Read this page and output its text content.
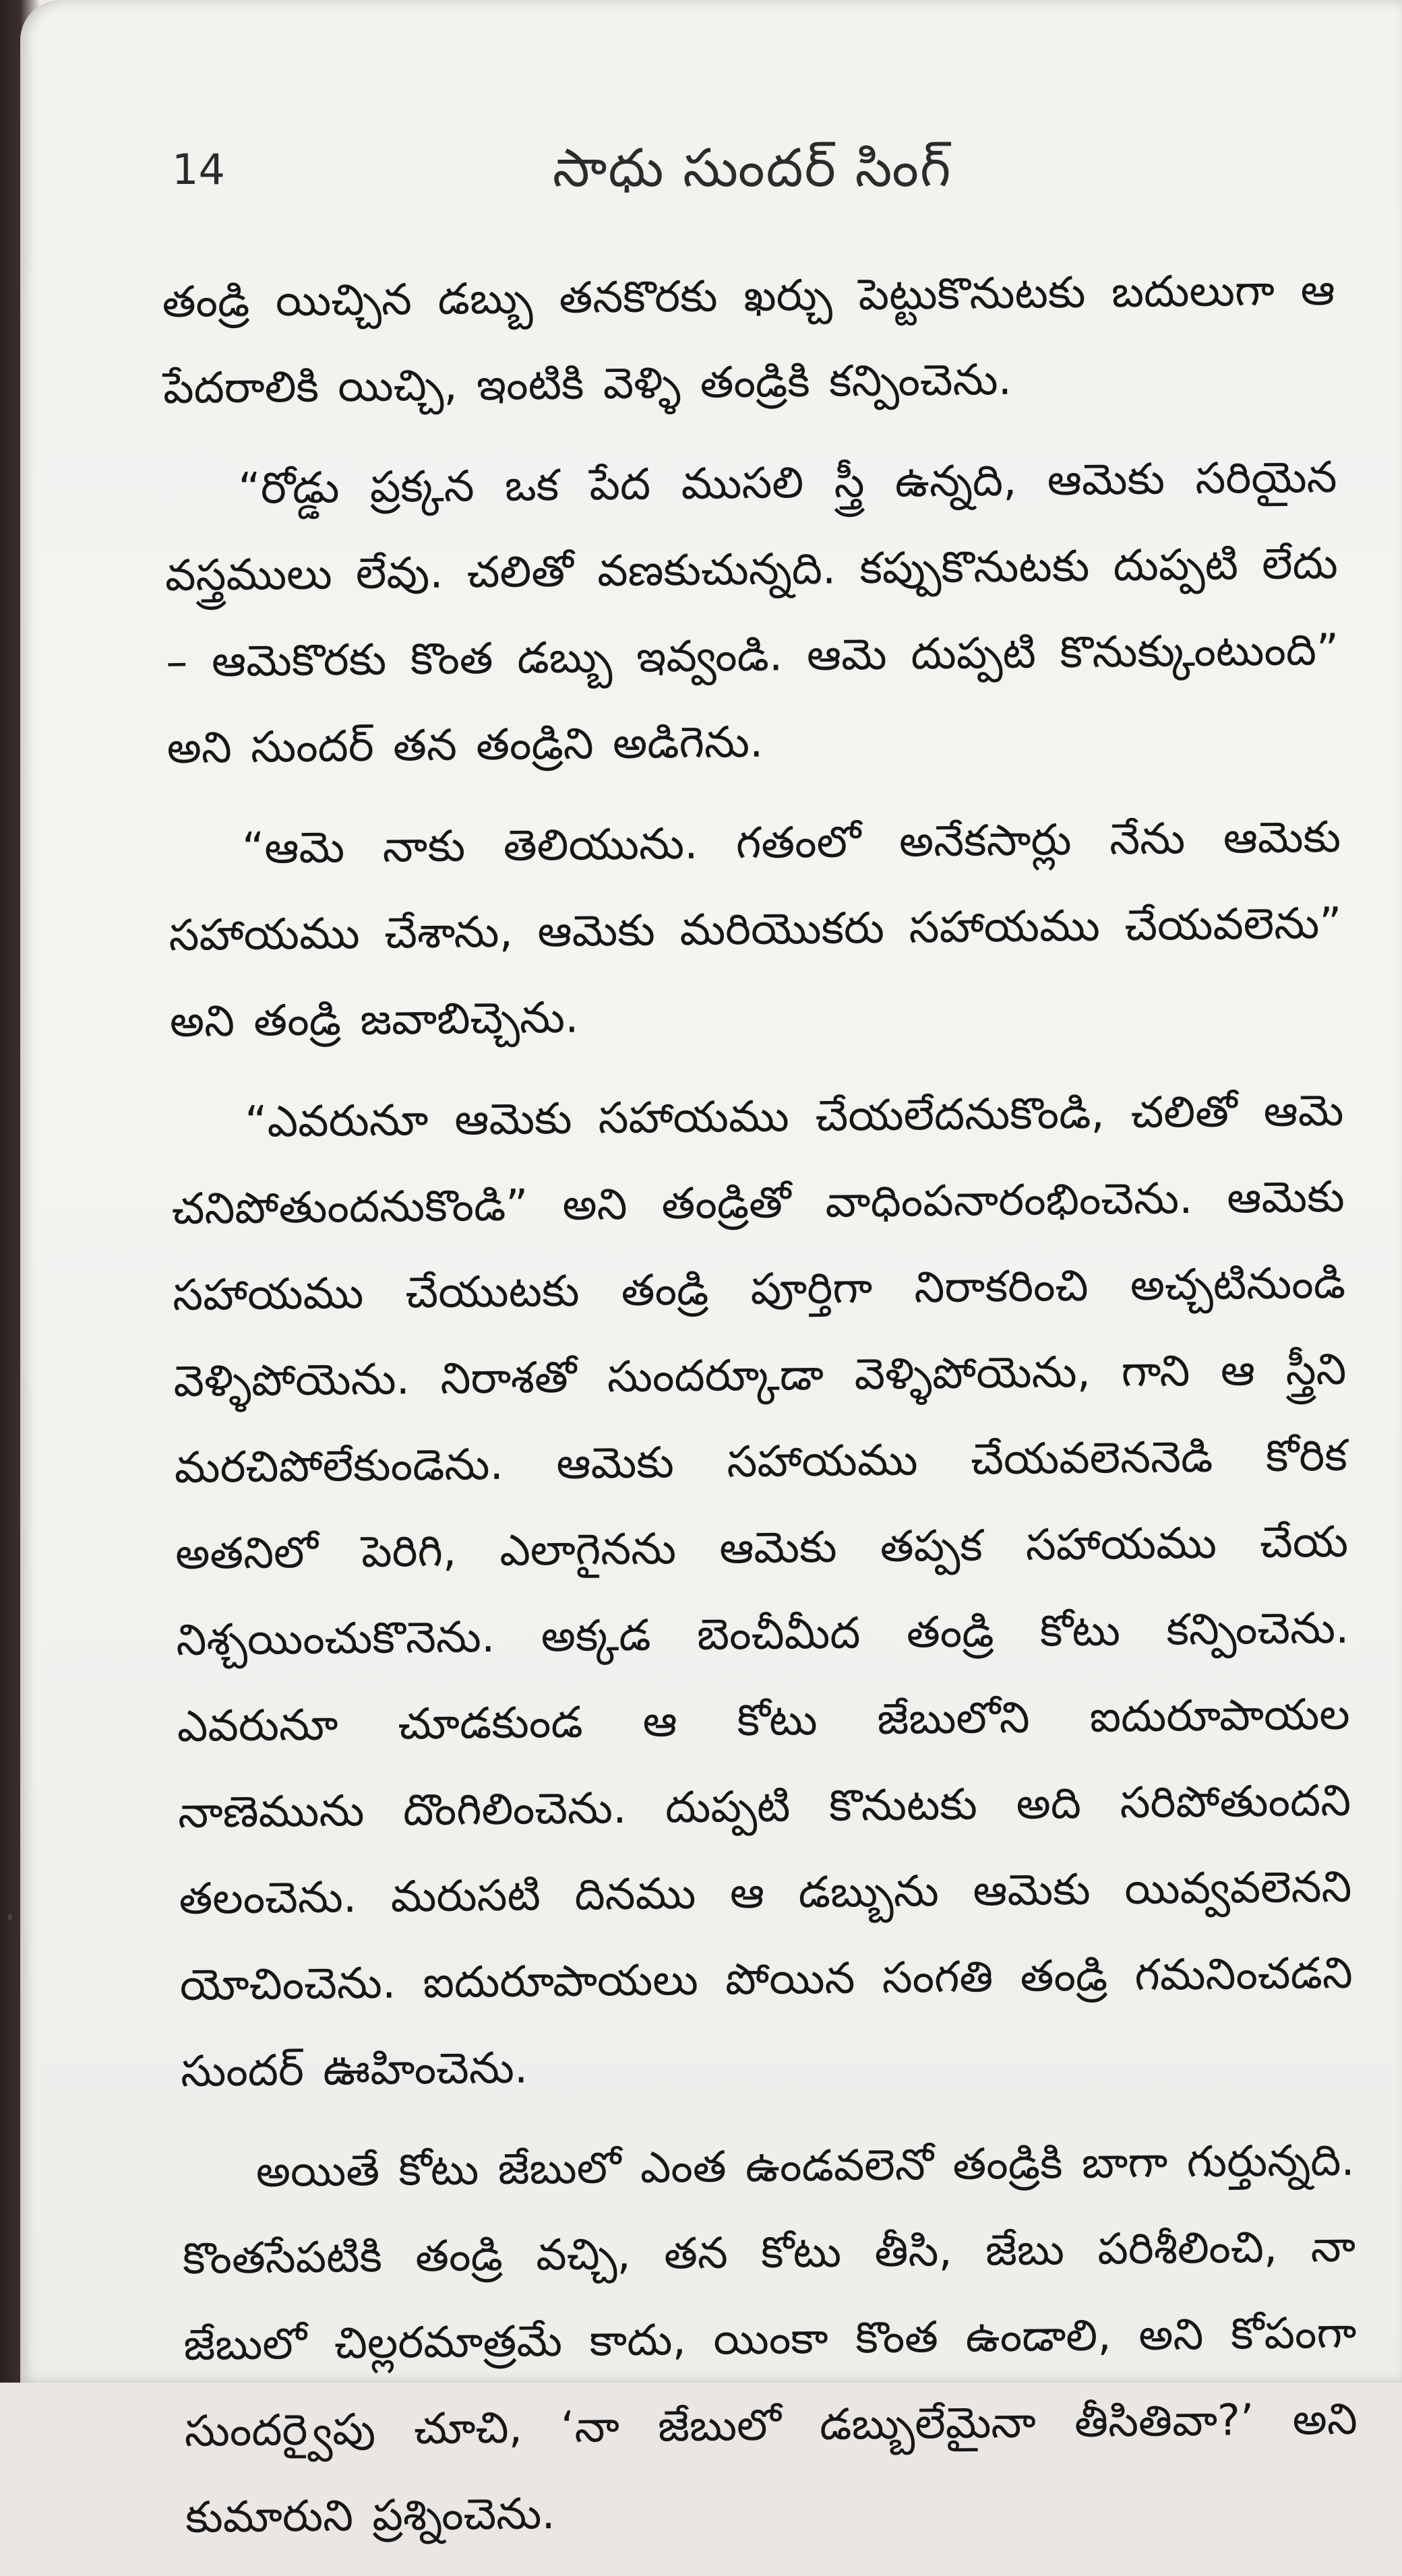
14	సాధు సుందర్ సింగ్

తండ్రి యిచ్చిన డబ్బు తనకొరకు ఖర్చు పెట్టుకొనుటకు బదులుగా ఆ పేదరాలికి యిచ్చి, ఇంటికి వెళ్ళి తండ్రికి కన్పించెను.

“రోడ్డు ప్రక్కన ఒక పేద ముసలి స్త్రీ ఉన్నది, ఆమెకు సరియైన వస్త్రములు లేవు. చలితో వణకుచున్నది. కప్పుకొనుటకు దుప్పటి లేదు – ఆమెకొరకు కొంత డబ్బు ఇవ్వండి. ఆమె దుప్పటి కొనుక్కుంటుంది” అని సుందర్ తన తండ్రిని అడిగెను.

“ఆమె నాకు తెలియును. గతంలో అనేకసార్లు నేను ఆమెకు సహాయము చేశాను, ఆమెకు మరియొకరు సహాయము చేయవలెను” అని తండ్రి జవాబిచ్చెను.

“ఎవరునూ ఆమెకు సహాయము చేయలేదనుకొండి, చలితో ఆమె చనిపోతుందనుకొండి” అని తండ్రితో వాధింపనారంభించెను. ఆమెకు సహాయము చేయుటకు తండ్రి పూర్తిగా నిరాకరించి అచ్చటినుండి వెళ్ళిపోయెను. నిరాశతో సుందర్కూడా వెళ్ళిపోయెను, గాని ఆ స్త్రీని మరచిపోలేకుండెను. ఆమెకు సహాయము చేయవలెననెడి కోరిక అతనిలో పెరిగి, ఎలాగైనను ఆమెకు తప్పక సహాయము చేయ నిశ్చయించుకొనెను. అక్కడ బెంచీమీద తండ్రి కోటు కన్పించెను. ఎవరునూ చూడకుండ ఆ కోటు జేబులోని ఐదురూపాయల నాణెమును దొంగిలించెను. దుప్పటి కొనుటకు అది సరిపోతుందని తలంచెను. మరుసటి దినము ఆ డబ్బును ఆమెకు యివ్వవలెనని యోచించెను. ఐదురూపాయలు పోయిన సంగతి తండ్రి గమనించడని సుందర్ ఊహించెను.

అయితే కోటు జేబులో ఎంత ఉండవలెనో తండ్రికి బాగా గుర్తున్నది. కొంతసేపటికి తండ్రి వచ్చి, తన కోటు తీసి, జేబు పరిశీలించి, నా జేబులో చిల్లరమాత్రమే కాదు, యింకా కొంత ఉండాలి, అని కోపంగా సుందర్వైపు చూచి, ‘నా జేబులో డబ్బులేమైనా తీసితివా?’ అని కుమారుని ప్రశ్నించెను.
